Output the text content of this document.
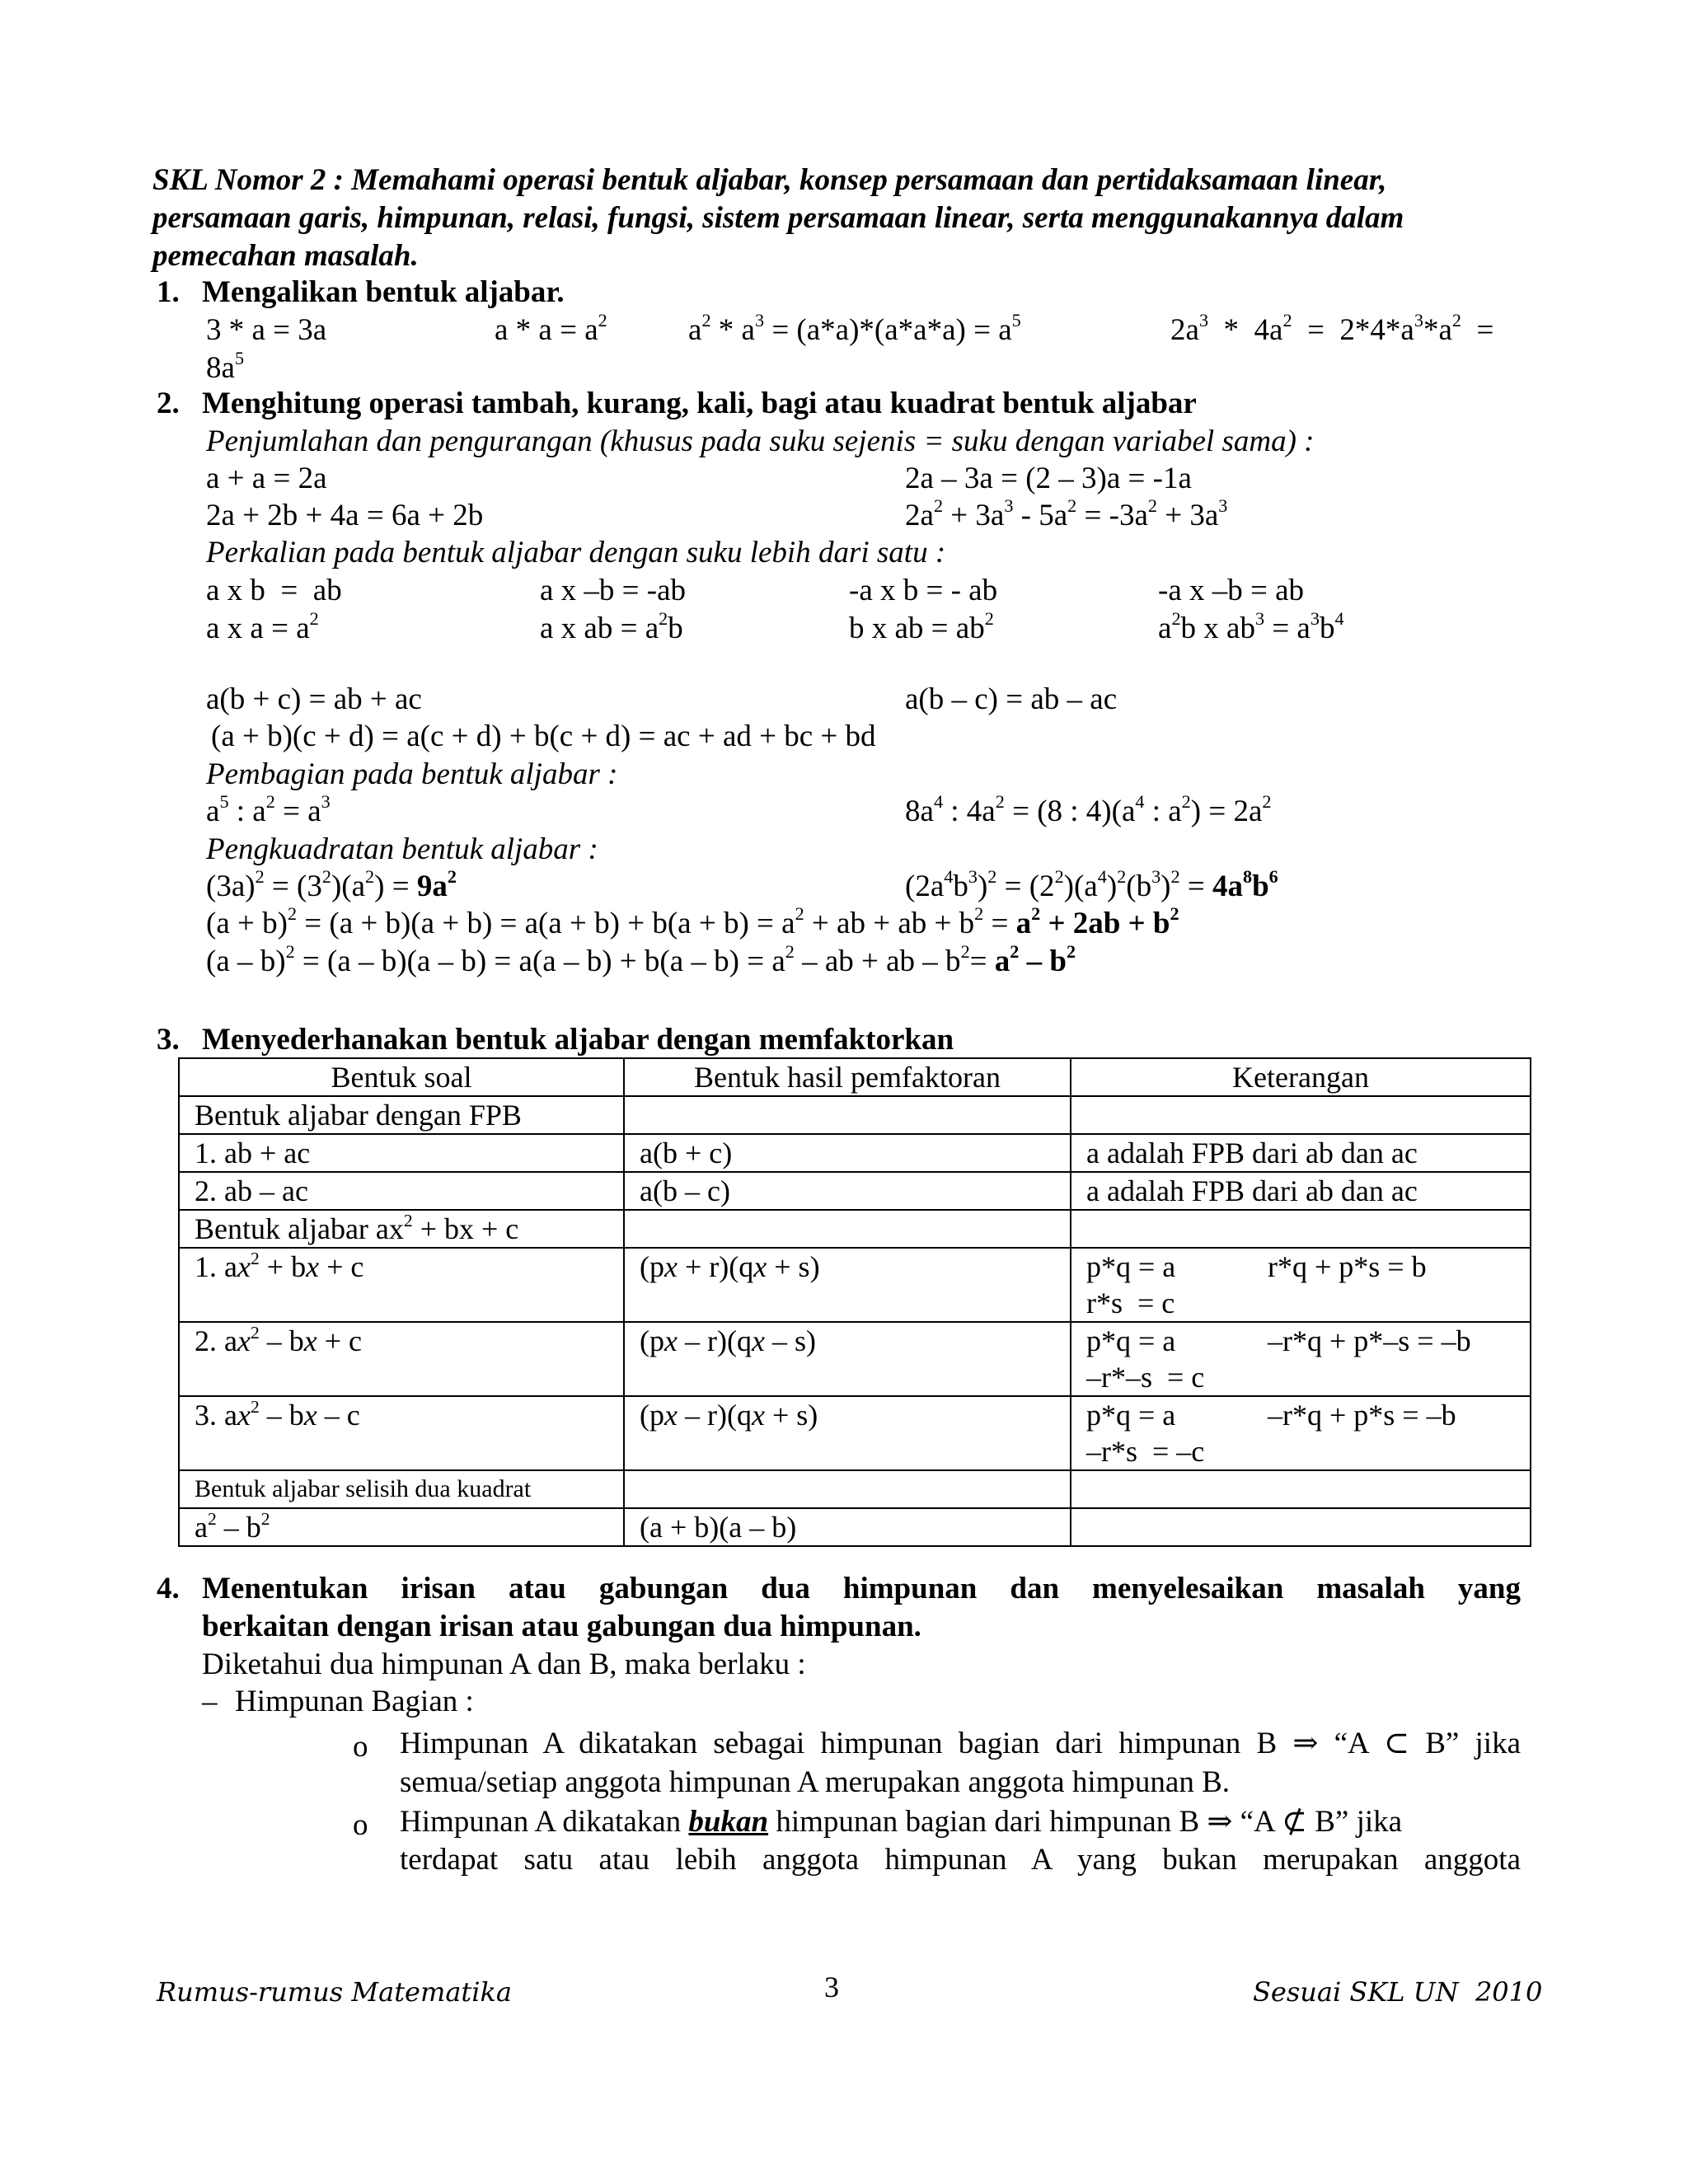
SKL Nomor 2 : Memahami operasi bentuk aljabar, konsep persamaan dan pertidaksamaan linear,
persamaan garis, himpunan, relasi, fungsi, sistem persamaan linear, serta menggunakannya dalam
pemecahan masalah.
1. Mengalikan bentuk aljabar.
3 * a = 3a	$a * a = a^2$	$a^2 * a^3 = (a*a)*(a*a*a) = a^5$	$2a^3 * 4a^2 = 2*4*a^3*a^2$  =
$8a^5$
2. Menghitung operasi tambah, kurang, kali, bagi atau kuadrat bentuk aljabar
Penjumlahan dan pengurangan (khusus pada suku sejenis = suku dengan variabel sama) :
a + a = 2a	2a – 3a = (2 – 3)a = -1a
2a + 2b + 4a = 6a + 2b	$2a^2 + 3a^3 - 5a^2 = -3a^2 + 3a^3$
Perkalian pada bentuk aljabar dengan suku lebih dari satu :
a x b  =  ab	a x –b = -ab	-a x b = - ab	-a x –b = ab
a x $a = a^2$	a x ab = $a^2b$	b x ab = $ab^2$	$a^2b$ x $ab^3 = a^3b^4$
a(b + c) = ab + ac	a(b – c) = ab – ac
(a + b)(c + d) = a(c + d) + b(c + d) = ac + ad + bc + bd
Pembagian pada bentuk aljabar :
$a^5$ : $a^2 = a^3$	$8a^4$ : $4a^2 = (8$ : $4)(a^4$ : $a^2) = 2a^2$
Pengkuadratan bentuk aljabar :
$(3a)^2 = (3^2)(a^2) = 9a^2$	$(2a^4b^3)^2 = (2^2)(a^4)^2(b^3)^2 = 4a^8b^6$
$(a + b)^2 = (a + b)(a + b) = a(a + b) + b(a + b) = a^2$ + ab + ab + $b^2 = a^2 + 2ab + b^2$
$(a - b)^2 = (a - b)(a - b) = a(a - b) + b(a - b) = a^2$ – ab + ab – $b^2= a^2 - b^2$
3. Menyederhanakan bentuk aljabar dengan memfaktorkan
Bentuk soal	Bentuk hasil pemfaktoran	Keterangan
Bentuk aljabar dengan FPB		
1. ab + ac	a(b + c)	a adalah FPB dari ab dan ac
2. ab – ac	a(b – c)	a adalah FPB dari ab dan ac
Bentuk aljabar $ax^2$ + bx + c		
1. $ax^2$ + bx + c	(px + r)(qx + s)	p*q = a r*q + p*s = b
r*s  = c

2. $ax^2$ – bx + c	(px – r)(qx – s)	p*q = a –r*q + p*–s = –b
–r*–s  = c

3. $ax^2$ – bx – c	(px – r)(qx + s)	p*q = a –r*q + p*s = –b
–r*s  = –c

Bentuk aljabar selisih dua kuadrat		
$a^2 - b^2$	(a + b)(a – b)	
4. Menentukan irisan atau gabungan dua himpunan dan menyelesaikan masalah yang
berkaitan dengan irisan atau gabungan dua himpunan.
Diketahui dua himpunan A dan B, maka berlaku :
– Himpunan Bagian :
o Himpunan A dikatakan sebagai himpunan bagian dari himpunan B ⇒ “A ⊂ B” jika
semua/setiap anggota himpunan A merupakan anggota himpunan B.
o Himpunan A dikatakan bukan himpunan bagian dari himpunan B ⇒ “A ⊄ B” jika
terdapat satu atau lebih anggota himpunan A yang bukan merupakan anggota
Rumus-rumus Matematika	3	Sesuai SKL UN  2010
